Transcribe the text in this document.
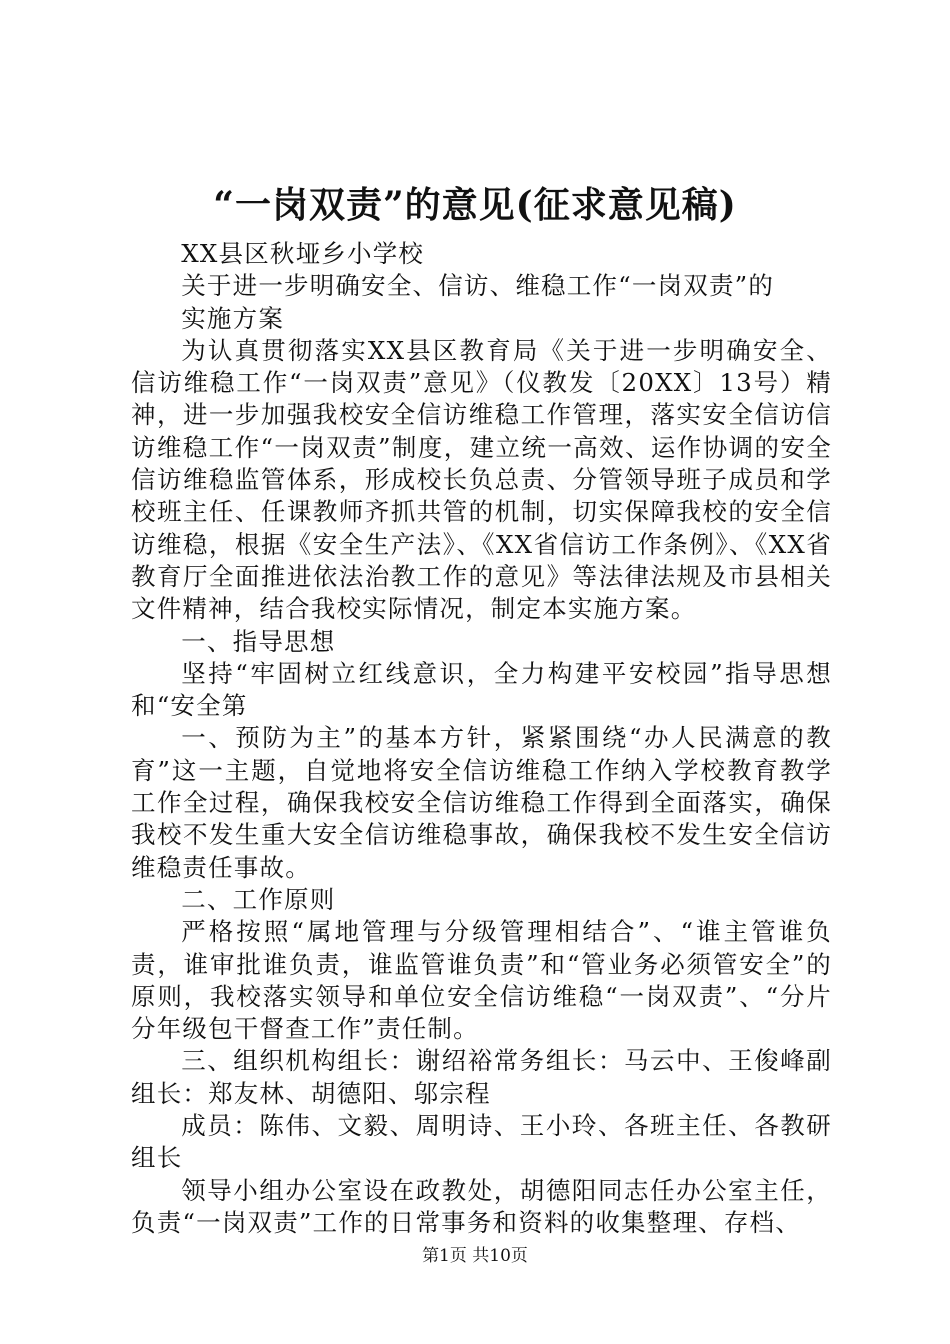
“一岗双责”的意见(征求意见稿)

XX县区秋垭乡小学校

关于进一步明确安全、信访、维稳工作“一岗双责”的

实施方案

为认真贯彻落实XX县区教育局《关于进一步明确安全、信访维稳工作“一岗双责”意见》（仪教发〔20XX〕13号）精神，进一步加强我校安全信访维稳工作管理，落实安全信访信访维稳工作“一岗双责”制度，建立统一高效、运作协调的安全信访维稳监管体系，形成校长负总责、分管领导班子成员和学校班主任、任课教师齐抓共管的机制，切实保障我校的安全信访维稳，根据《安全生产法》、《XX省信访工作条例》、《XX省教育厅全面推进依法治教工作的意见》等法律法规及市县相关文件精神，结合我校实际情况，制定本实施方案。

一、指导思想

坚持“牢固树立红线意识，全力构建平安校园”指导思想和“安全第

一、预防为主”的基本方针，紧紧围绕“办人民满意的教育”这一主题，自觉地将安全信访维稳工作纳入学校教育教学工作全过程，确保我校安全信访维稳工作得到全面落实，确保我校不发生重大安全信访维稳事故，确保我校不发生安全信访维稳责任事故。

二、工作原则

严格按照“属地管理与分级管理相结合”、“谁主管谁负责，谁审批谁负责，谁监管谁负责”和“管业务必须管安全”的原则，我校落实领导和单位安全信访维稳“一岗双责”、“分片分年级包干督查工作”责任制。

三、组织机构组长：谢绍裕常务组长：马云中、王俊峰副组长：郑友林、胡德阳、邬宗程

成员：陈伟、文毅、周明诗、王小玲、各班主任、各教研组长

领导小组办公室设在政教处，胡德阳同志任办公室主任，负责“一岗双责”工作的日常事务和资料的收集整理、存档、

第1页 共10页
